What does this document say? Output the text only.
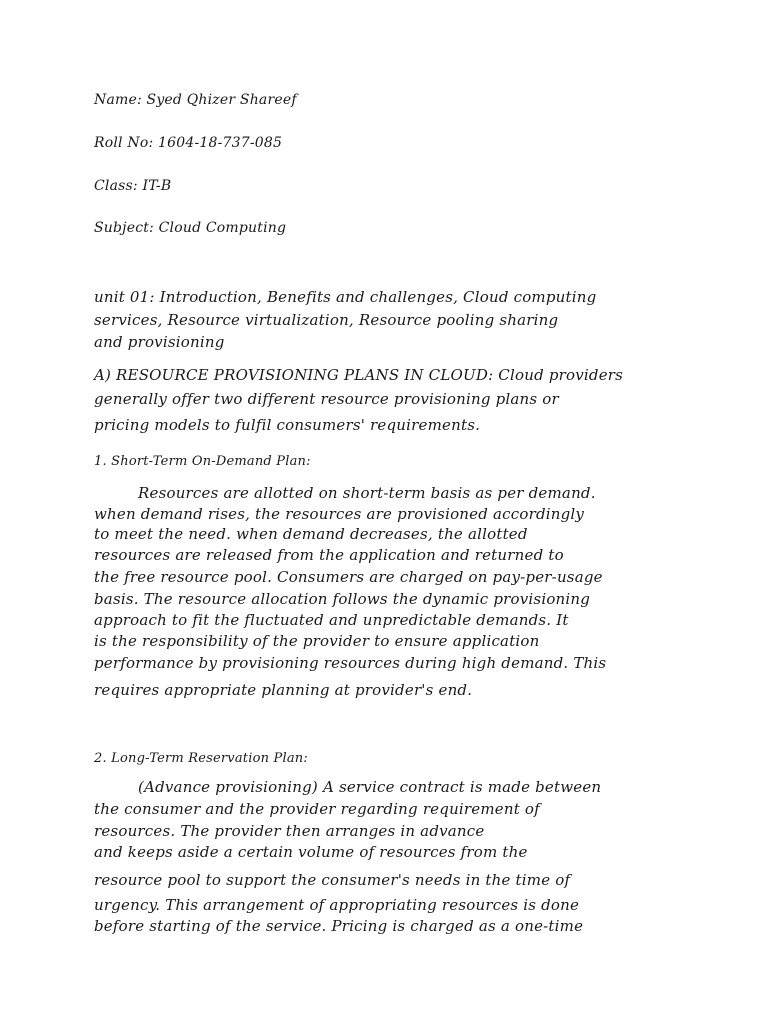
Name: Syed Qhizer Shareef
Roll No: 1604-18-737-085
Class: IT-B
Subject: Cloud Computing
unit 01: Introduction, Benefits and challenges, Cloud computing
services, Resource virtualization, Resource pooling sharing
and provisioning
A) RESOURCE PROVISIONING PLANS IN CLOUD: Cloud providers
generally offer two different resource provisioning plans or
pricing models to fulfil consumers' requirements.
1. Short-Term On-Demand Plan:
Resources are allotted on short-term basis as per demand.
when demand rises, the resources are provisioned accordingly
to meet the need. when demand decreases, the allotted
resources are released from the application and returned to
the free resource pool. Consumers are charged on pay-per-usage
basis. The resource allocation follows the dynamic provisioning
approach to fit the fluctuated and unpredictable demands. It
is the responsibility of the provider to ensure application
performance by provisioning resources during high demand. This
requires appropriate planning at provider's end.
2. Long-Term Reservation Plan:
(Advance provisioning) A service contract is made between
the consumer and the provider regarding requirement of
resources. The provider then arranges in advance
and keeps aside a certain volume of resources from the
resource pool to support the consumer's needs in the time of
urgency. This arrangement of appropriating resources is done
before starting of the service. Pricing is charged as a one-time
